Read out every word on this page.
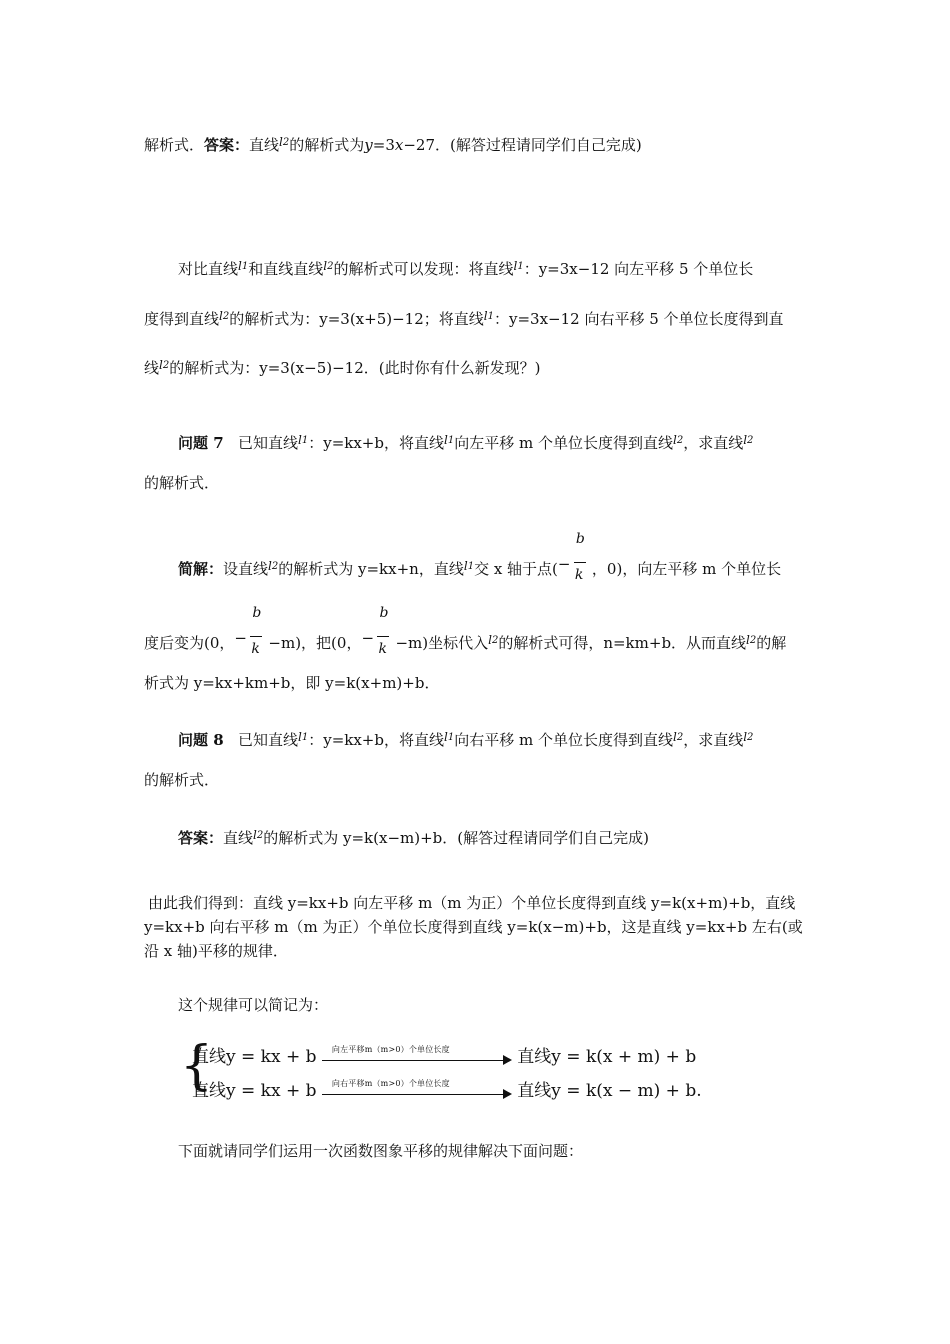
解析式．答案：直线$^{l2}$的解析式为y=3x−27．(解答过程请同学们自己完成)
对比直线$^{l1}$和直线直线$^{l2}$的解析式可以发现：将直线$^{l1}$：y=3x−12 向左平移 5 个单位长
度得到直线$^{l2}$的解析式为：y=3(x+5)−12；将直线$^{l1}$：y=3x−12 向右平移 5 个单位长度得到直
线$^{l2}$的解析式为：y=3(x−5)−12．(此时你有什么新发现？)
问题 7 已知直线$^{l1}$：y=kx+b，将直线$^{l1}$向左平移 m 个单位长度得到直线$^{l2}$，求直线$^{l2}$
的解析式．
简解：设直线$^{l2}$的解析式为 y=kx+n，直线$^{l1}$交 x 轴于点( −
b
k ，0)，向左平移 m 个单位长
度后变为(0， −
b
k −m)，把(0， −
b
k −m)坐标代入$^{l2}$的解析式可得，n=km+b．从而直线$^{l2}$的解
析式为 y=kx+km+b，即 y=k(x+m)+b．
问题 8 已知直线$^{l1}$：y=kx+b，将直线$^{l1}$向右平移 m 个单位长度得到直线$^{l2}$，求直线$^{l2}$
的解析式．
答案：直线$^{l2}$的解析式为 y=k(x−m)+b．(解答过程请同学们自己完成)
由此我们得到：直线 y=kx+b 向左平移 m（m 为正）个单位长度得到直线 y=k(x+m)+b，直线
y=kx+b 向右平移 m（m 为正）个单位长度得到直线 y=k(x−m)+b，这是直线 y=kx+b 左右(或
沿 x 轴)平移的规律．
这个规律可以简记为：
{
直线y = kx + b 向左平移m（m>0）个单位长度	直线y = k(x + m) + b
直线y = kx + b 向右平移m（m>0）个单位长度	直线y = k(x − m) + b.
下面就请同学们运用一次函数图象平移的规律解决下面问题：
